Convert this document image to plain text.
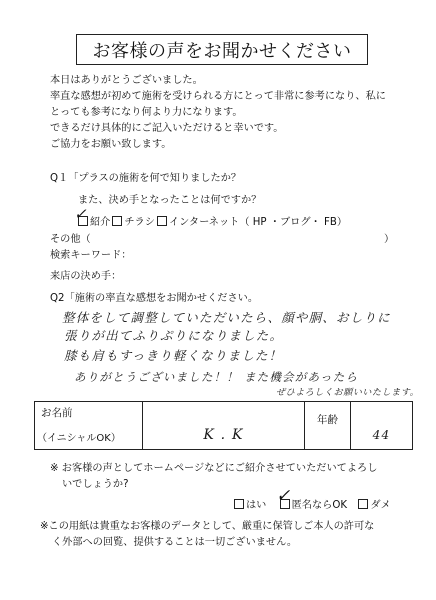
お客様の声をお聞かせください
本日はありがとうございました。
率直な感想が初めて施術を受けられる方にとって非常に参考になり、私に
とっても参考になり何より力になります。
できるだけ具体的にご記入いただけると幸いです。
ご協力をお願い致します。
Q１「プラスの施術を何で知りましたか？
また、決め手となったことは何ですか？
紹介 チラシ インターネット（ HP ・ブログ・ FB）
✓
その他（	）
検索キーワード：
来店の決め手：
Q2「施術の率直な感想をお聞かせください。
整体をして調整していただいたら、顔や胴、おしりに
張りが出てふりぷりになりました。
膝も肩もすっきり軽くなりました！
ありがとうございました！！ また機会があったら
ぜひよろしくお願いいたします。
お名前	K . K	年齢	44
（イニシャルOK）
※ お客様の声としてホームページなどにご紹介させていただいてよろし
いでしょうか?
はい 匿名ならOK ダメ
✓
※この用紙は貴重なお客様のデータとして、厳重に保管しご本人の許可な
く外部への回覧、提供することは一切ございません。
